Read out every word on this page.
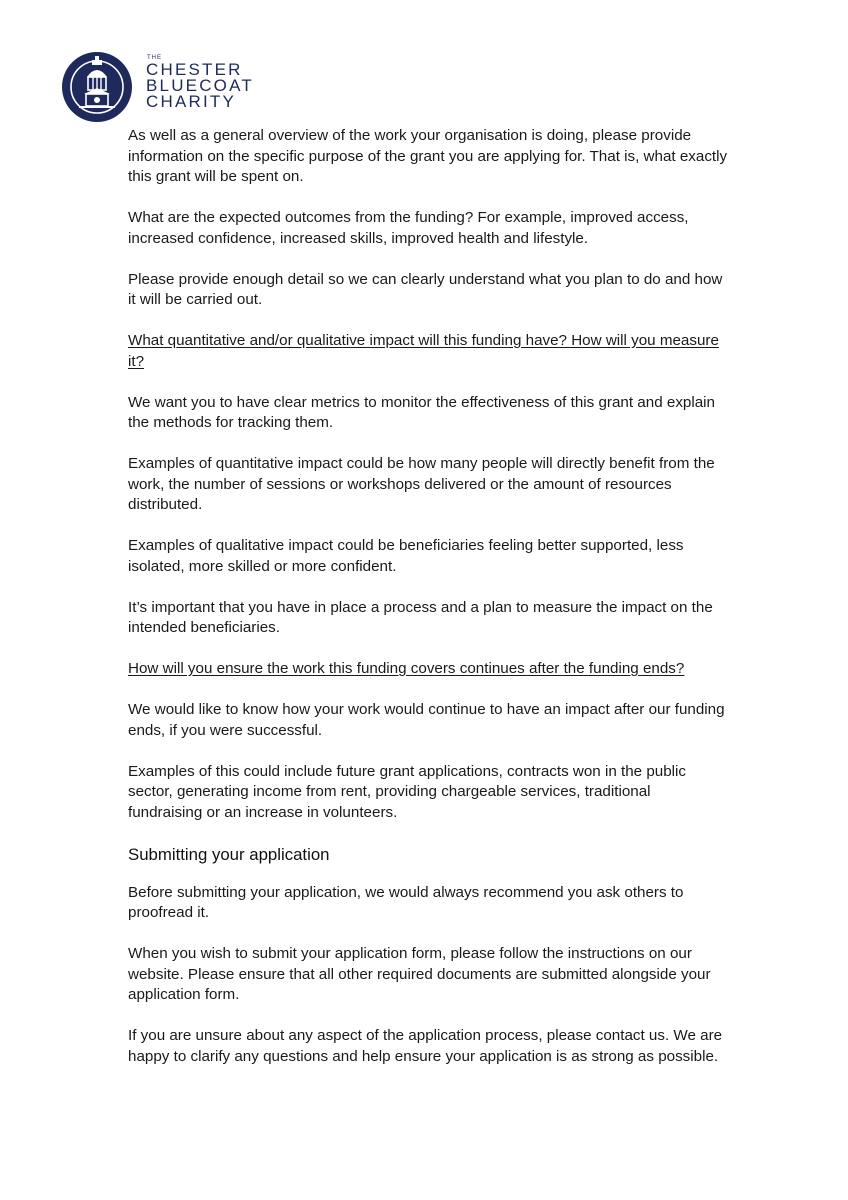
THE
CHESTER
BLUECOAT
CHARITY

As well as a general overview of the work your organisation is doing, please provide information on the specific purpose of the grant you are applying for. That is, what exactly this grant will be spent on.

What are the expected outcomes from the funding? For example, improved access, increased confidence, increased skills, improved health and lifestyle.

Please provide enough detail so we can clearly understand what you plan to do and how it will be carried out.

What quantitative and/or qualitative impact will this funding have? How will you measure it?

We want you to have clear metrics to monitor the effectiveness of this grant and explain the methods for tracking them.

Examples of quantitative impact could be how many people will directly benefit from the work, the number of sessions or workshops delivered or the amount of resources distributed.

Examples of qualitative impact could be beneficiaries feeling better supported, less isolated, more skilled or more confident.

It’s important that you have in place a process and a plan to measure the impact on the intended beneficiaries.

How will you ensure the work this funding covers continues after the funding ends?

We would like to know how your work would continue to have an impact after our funding ends, if you were successful.

Examples of this could include future grant applications, contracts won in the public sector, generating income from rent, providing chargeable services, traditional fundraising or an increase in volunteers.

Submitting your application

Before submitting your application, we would always recommend you ask others to proofread it.

When you wish to submit your application form, please follow the instructions on our website. Please ensure that all other required documents are submitted alongside your application form.

If you are unsure about any aspect of the application process, please contact us. We are happy to clarify any questions and help ensure your application is as strong as possible.
